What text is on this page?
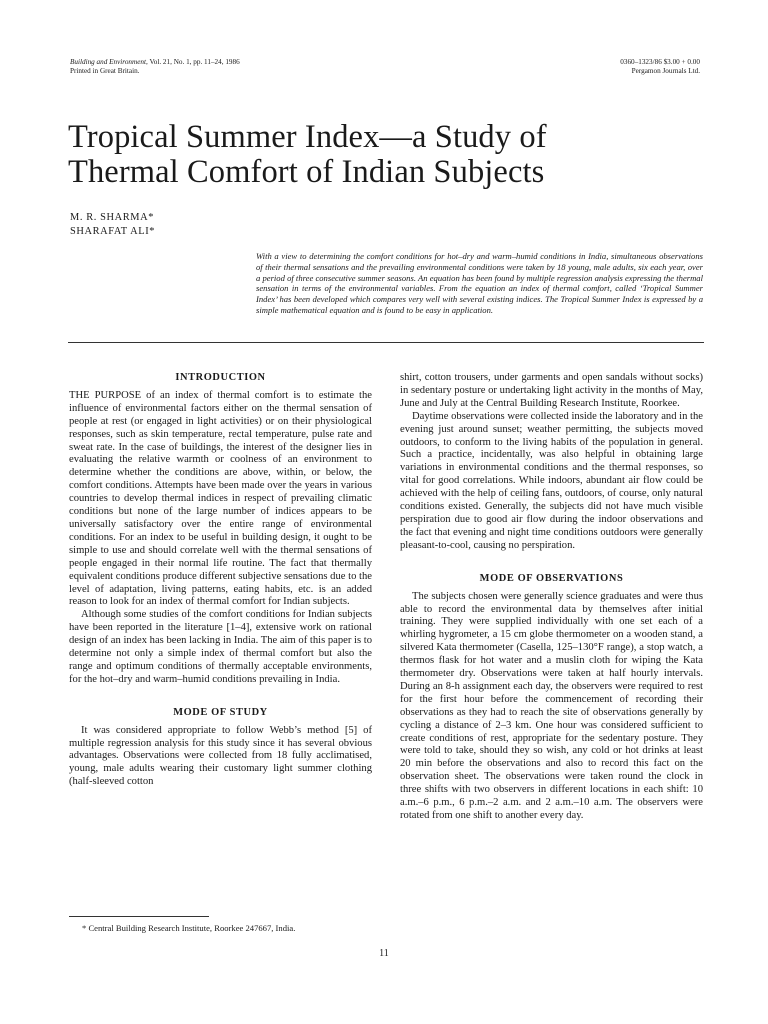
Building and Environment, Vol. 21, No. 1, pp. 11–24, 1986
Printed in Great Britain.
0360–1323/86 $3.00 + 0.00
Pergamon Journals Ltd.
Tropical Summer Index—a Study of
Thermal Comfort of Indian Subjects
M. R. SHARMA*
SHARAFAT ALI*

With a view to determining the comfort conditions for hot–dry and warm–humid conditions in India, simultaneous observations of their thermal sensations and the prevailing environmental conditions were taken by 18 young, male adults, six each year, over a period of three consecutive summer seasons. An equation has been found by multiple regression analysis expressing the thermal sensation in terms of the environmental variables. From the equation an index of thermal comfort, called ‘Tropical Summer Index’ has been developed which compares very well with several existing indices. The Tropical Summer Index is expressed by a simple mathematical equation and is found to be easy in application.

INTRODUCTION

THE PURPOSE of an index of thermal comfort is to estimate the influence of environmental factors either on the thermal sensation of people at rest (or engaged in light activities) or on their physiological responses, such as skin temperature, rectal temperature, pulse rate and sweat rate. In the case of buildings, the interest of the designer lies in evaluating the relative warmth or coolness of an environment to determine whether the conditions are above, within, or below, the comfort conditions. Attempts have been made over the years in various countries to develop thermal indices in respect of prevailing climatic conditions but none of the large number of indices appears to be universally satisfactory over the entire range of environmental conditions. For an index to be useful in building design, it ought to be simple to use and should correlate well with the thermal sensations of people engaged in their normal life routine. The fact that thermally equivalent conditions produce different subjective sensations due to the level of adaptation, living patterns, eating habits, etc. is an added reason to look for an index of thermal comfort for Indian subjects.

Although some studies of the comfort conditions for Indian subjects have been reported in the literature [1–4], extensive work on rational design of an index has been lacking in India. The aim of this paper is to determine not only a simple index of thermal comfort but also the range and optimum conditions of thermally acceptable environments, for the hot–dry and warm–humid conditions prevailing in India.

MODE OF STUDY

It was considered appropriate to follow Webb’s method [5] of multiple regression analysis for this study since it has several obvious advantages. Observations were collected from 18 fully acclimatised, young, male adults wearing their customary light summer clothing (half-sleeved cotton

shirt, cotton trousers, under garments and open sandals without socks) in sedentary posture or undertaking light activity in the months of May, June and July at the Central Building Research Institute, Roorkee.

Daytime observations were collected inside the laboratory and in the evening just around sunset; weather permitting, the subjects moved outdoors, to conform to the living habits of the population in general. Such a practice, incidentally, was also helpful in obtaining large variations in environmental conditions and the thermal responses, so vital for good correlations. While indoors, abundant air flow could be achieved with the help of ceiling fans, outdoors, of course, only natural conditions existed. Generally, the subjects did not have much visible perspiration due to good air flow during the indoor observations and the fact that evening and night time conditions outdoors were generally pleasant-to-cool, causing no perspiration.

MODE OF OBSERVATIONS

The subjects chosen were generally science graduates and were thus able to record the environmental data by themselves after initial training. They were supplied individually with one set each of a whirling hygrometer, a 15 cm globe thermometer on a wooden stand, a silvered Kata thermometer (Casella, 125–130°F range), a stop watch, a thermos flask for hot water and a muslin cloth for wiping the Kata thermometer dry. Observations were taken at half hourly intervals. During an 8-h assignment each day, the observers were required to rest for the first hour before the commencement of recording their observations as they had to reach the site of observations generally by cycling a distance of 2–3 km. One hour was considered sufficient to create conditions of rest, appropriate for the sedentary posture. They were told to take, should they so wish, any cold or hot drinks at least 20 min before the observations and also to record this fact on the observation sheet. The observations were taken round the clock in three shifts with two observers in different locations in each shift: 10 a.m.–6 p.m., 6 p.m.–2 a.m. and 2 a.m.–10 a.m. The observers were rotated from one shift to another every day.

* Central Building Research Institute, Roorkee 247667, India.
11
